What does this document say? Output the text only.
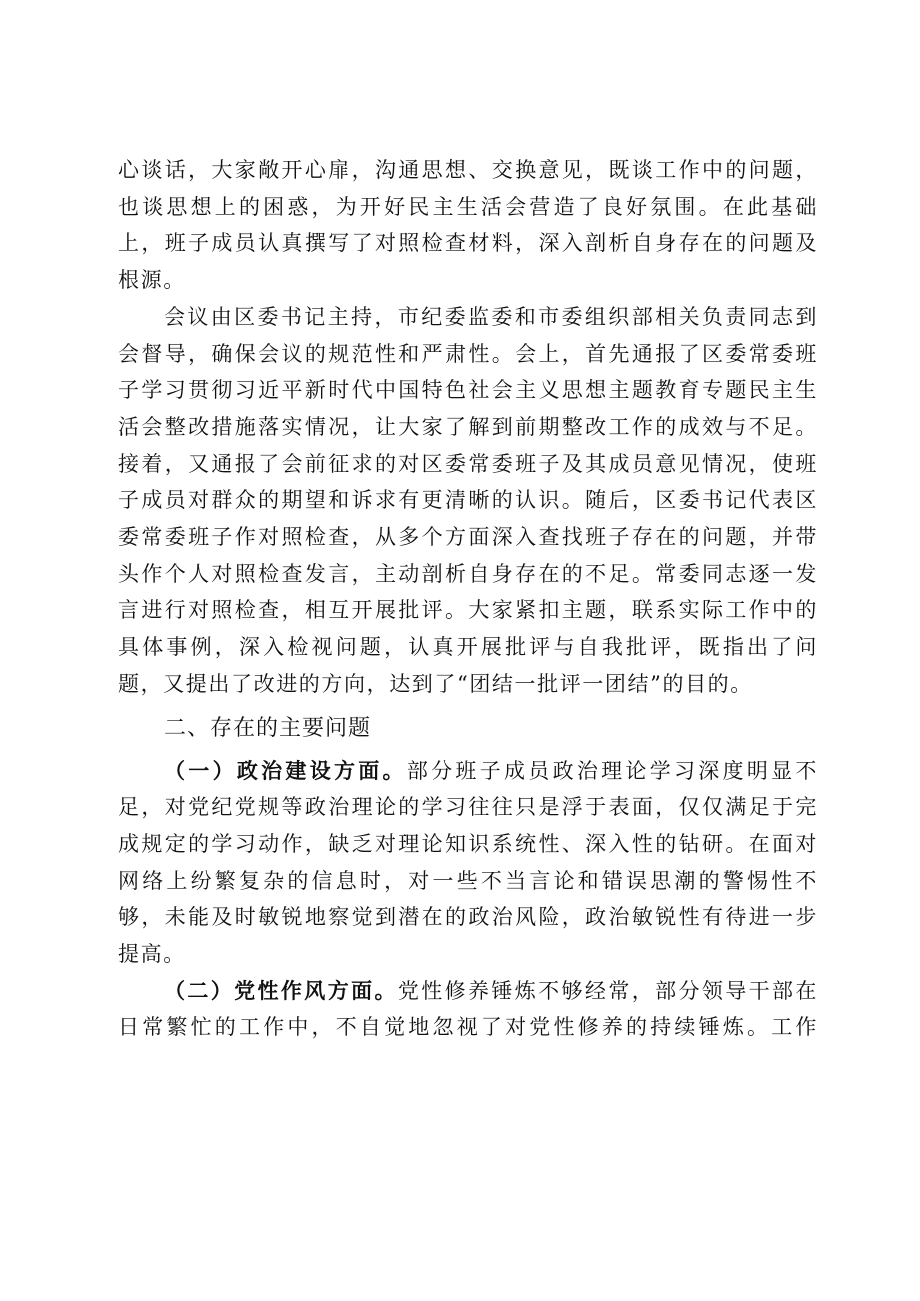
心谈话，大家敞开心扉，沟通思想、交换意见，既谈工作中的问题，也谈思想上的困惑，为开好民主生活会营造了良好氛围。在此基础上，班子成员认真撰写了对照检查材料，深入剖析自身存在的问题及根源。

会议由区委书记主持，市纪委监委和市委组织部相关负责同志到会督导，确保会议的规范性和严肃性。会上，首先通报了区委常委班子学习贯彻习近平新时代中国特色社会主义思想主题教育专题民主生活会整改措施落实情况，让大家了解到前期整改工作的成效与不足。接着，又通报了会前征求的对区委常委班子及其成员意见情况，使班子成员对群众的期望和诉求有更清晰的认识。随后，区委书记代表区委常委班子作对照检查，从多个方面深入查找班子存在的问题，并带头作个人对照检查发言，主动剖析自身存在的不足。常委同志逐一发言进行对照检查，相互开展批评。大家紧扣主题，联系实际工作中的具体事例，深入检视问题，认真开展批评与自我批评，既指出了问题，又提出了改进的方向，达到了“团结一批评一团结”的目的。

二、存在的主要问题

（一）政治建设方面。部分班子成员政治理论学习深度明显不足，对党纪党规等政治理论的学习往往只是浮于表面，仅仅满足于完成规定的学习动作，缺乏对理论知识系统性、深入性的钻研。在面对网络上纷繁复杂的信息时，对一些不当言论和错误思潮的警惕性不够，未能及时敏锐地察觉到潜在的政治风险，政治敏锐性有待进一步提高。

（二）党性作风方面。党性修养锤炼不够经常，部分领导干部在日常繁忙的工作中，不自觉地忽视了对党性修养的持续锤炼。工作
